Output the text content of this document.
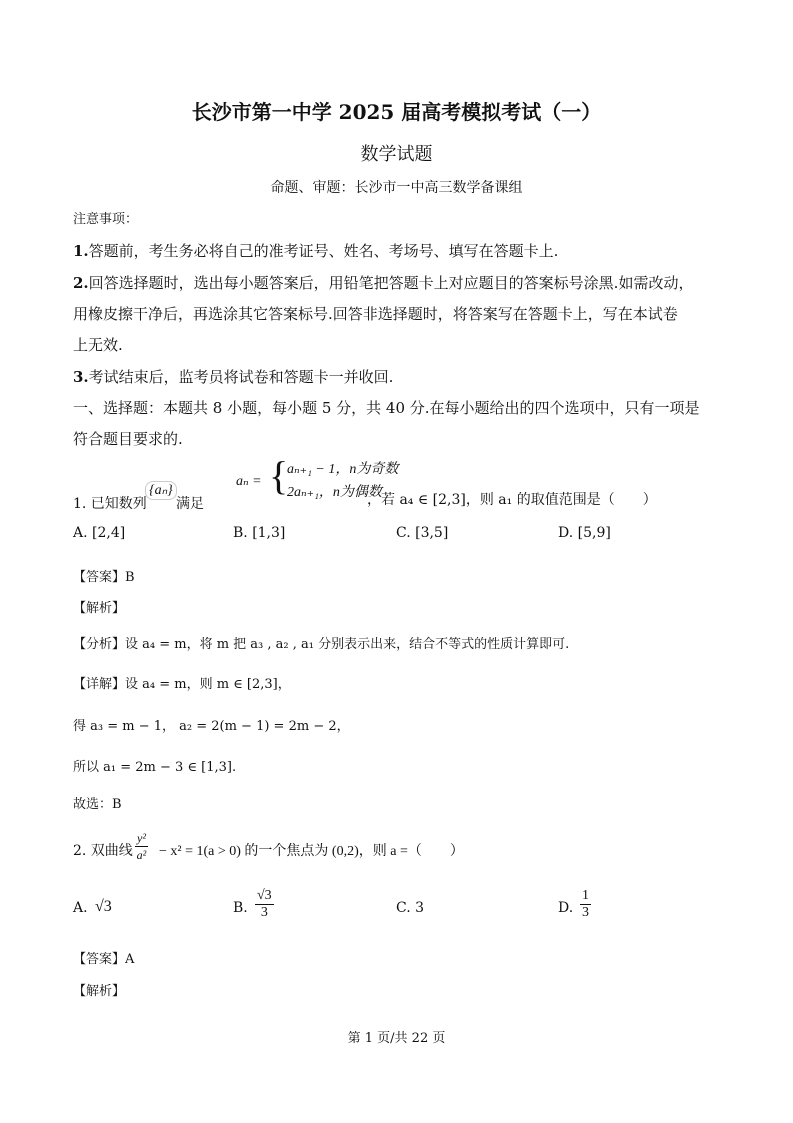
长沙市第一中学 2025 届高考模拟考试（一）
数学试题
命题、审题：长沙市一中高三数学备课组
注意事项：
1.答题前，考生务必将自己的准考证号、姓名、考场号、填写在答题卡上.
2.回答选择题时，选出每小题答案后，用铅笔把答题卡上对应题目的答案标号涂黑.如需改动，
用橡皮擦干净后，再选涂其它答案标号.回答非选择题时，将答案写在答题卡上，写在本试卷
上无效.
3.考试结束后，监考员将试卷和答题卡一并收回.
一、选择题：本题共 8 小题，每小题 5 分，共 40 分.在每小题给出的四个选项中，只有一项是
符合题目要求的.
1. 已知数列
{aₙ}
满足
aₙ = {
aₙ₊₁ − 1，n为奇数
2aₙ₊₁，n为偶数
，若 a₄ ∈ [2,3]，则 a₁ 的取值范围是（　　）
A. [2,4]	B. [1,3]	C. [3,5]	D. [5,9]
【答案】B
【解析】
【分析】设 a₄ = m，将 m 把 a₃ , a₂ , a₁ 分别表示出来，结合不等式的性质计算即可.
【详解】设 a₄ = m，则 m ∈ [2,3]，
得 a₃ = m − 1， a₂ = 2(m − 1) = 2m − 2，
所以 a₁ = 2m − 3 ∈ [1,3].
故选：B
2. 双曲线 $\frac{\text{y²}}{\text{a²}} - x^2 = 1(a > 0)$ 的一个焦点为 (0,2)，则 a =（　　）
A. √3	B. $\frac{√3}{3}$	C. 3	D. $\frac{1}{3}$
【答案】A
【解析】
第 1 页/共 22 页
